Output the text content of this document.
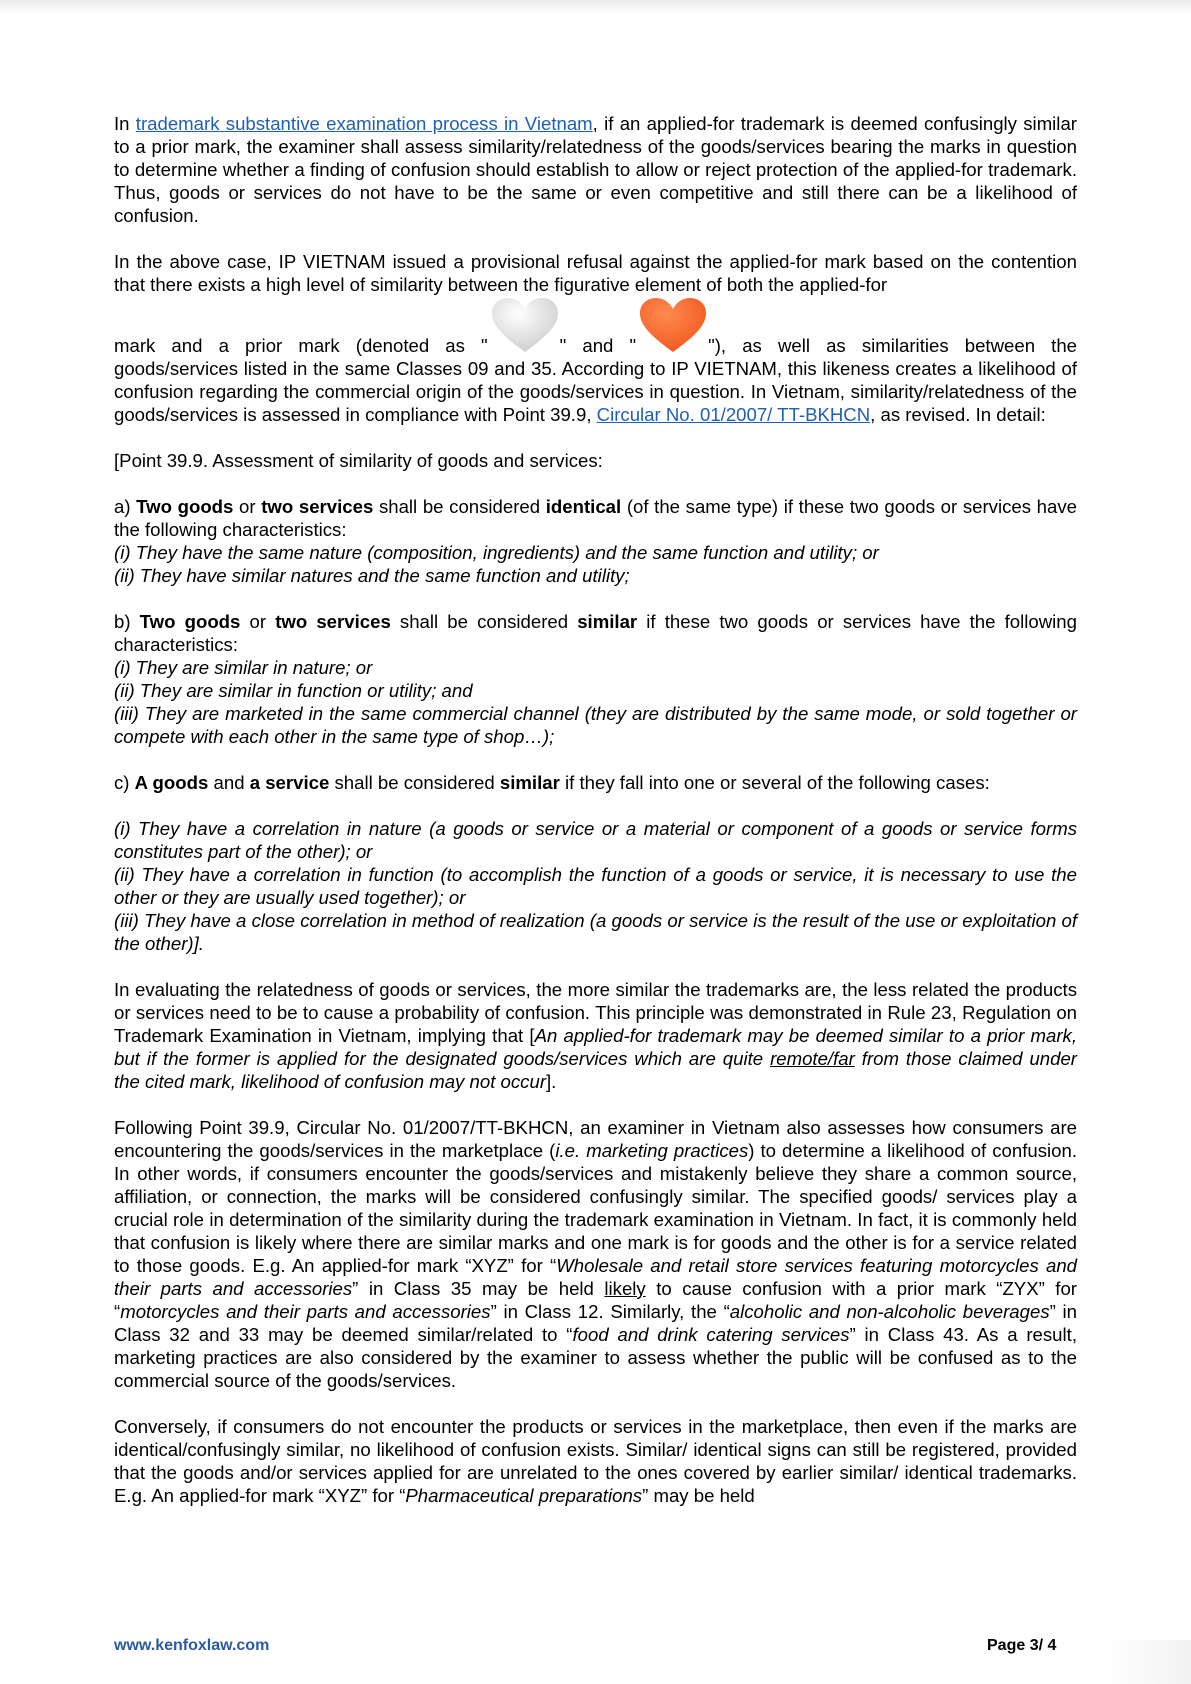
In trademark substantive examination process in Vietnam, if an applied-for trademark is deemed confusingly similar to a prior mark, the examiner shall assess similarity/relatedness of the goods/services bearing the marks in question to determine whether a finding of confusion should establish to allow or reject protection of the applied-for trademark. Thus, goods or services do not have to be the same or even competitive and still there can be a likelihood of confusion.

In the above case, IP VIETNAM issued a provisional refusal against the applied-for mark based on the contention that there exists a high level of similarity between the figurative element of both the applied-for

mark and a prior mark (denoted as "	" and "	"), as well as similarities between the

goods/services listed in the same Classes 09 and 35. According to IP VIETNAM, this likeness creates a likelihood of confusion regarding the commercial origin of the goods/services in question. In Vietnam, similarity/relatedness of the goods/services is assessed in compliance with Point 39.9, Circular No. 01/2007/ TT-BKHCN, as revised. In detail:

[Point 39.9. Assessment of similarity of goods and services:

a) Two goods or two services shall be considered identical (of the same type) if these two goods or services have the following characteristics:

(i) They have the same nature (composition, ingredients) and the same function and utility; or

(ii) They have similar natures and the same function and utility;

b) Two goods or two services shall be considered similar if these two goods or services have the following characteristics:

(i) They are similar in nature; or

(ii) They are similar in function or utility; and

(iii) They are marketed in the same commercial channel (they are distributed by the same mode, or sold together or compete with each other in the same type of shop…);

c) A goods and a service shall be considered similar if they fall into one or several of the following cases:

(i) They have a correlation in nature (a goods or service or a material or component of a goods or service forms constitutes part of the other); or

(ii) They have a correlation in function (to accomplish the function of a goods or service, it is necessary to use the other or they are usually used together); or

(iii) They have a close correlation in method of realization (a goods or service is the result of the use or exploitation of the other)].

In evaluating the relatedness of goods or services, the more similar the trademarks are, the less related the products or services need to be to cause a probability of confusion. This principle was demonstrated in Rule 23, Regulation on Trademark Examination in Vietnam, implying that [An applied-for trademark may be deemed similar to a prior mark, but if the former is applied for the designated goods/services which are quite remote/far from those claimed under the cited mark, likelihood of confusion may not occur].

Following Point 39.9, Circular No. 01/2007/TT-BKHCN, an examiner in Vietnam also assesses how consumers are encountering the goods/services in the marketplace (i.e. marketing practices) to determine a likelihood of confusion. In other words, if consumers encounter the goods/services and mistakenly believe they share a common source, affiliation, or connection, the marks will be considered confusingly similar. The specified goods/ services play a crucial role in determination of the similarity during the trademark examination in Vietnam. In fact, it is commonly held that confusion is likely where there are similar marks and one mark is for goods and the other is for a service related to those goods. E.g. An applied-for mark “XYZ” for “Wholesale and retail store services featuring motorcycles and their parts and accessories” in Class 35 may be held likely to cause confusion with a prior mark “ZYX” for “motorcycles and their parts and accessories” in Class 12. Similarly, the “alcoholic and non-alcoholic beverages” in Class 32 and 33 may be deemed similar/related to “food and drink catering services” in Class 43. As a result, marketing practices are also considered by the examiner to assess whether the public will be confused as to the commercial source of the goods/services.

Conversely, if consumers do not encounter the products or services in the marketplace, then even if the marks are identical/confusingly similar, no likelihood of confusion exists. Similar/ identical signs can still be registered, provided that the goods and/or services applied for are unrelated to the ones covered by earlier similar/ identical trademarks. E.g. An applied-for mark “XYZ” for “Pharmaceutical preparations” may be held

www.kenfoxlaw.com	Page 3/ 4
